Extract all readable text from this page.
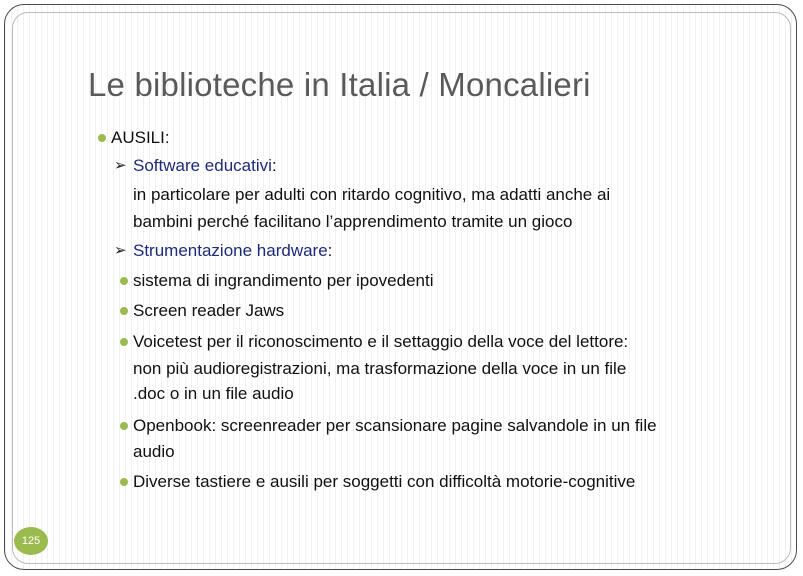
Le biblioteche in Italia / Moncalieri
AUSILI:
➢ Software educativi:
in particolare per adulti con ritardo cognitivo, ma adatti anche ai
bambini perché facilitano l’apprendimento tramite un gioco
➢ Strumentazione hardware:
sistema di ingrandimento per ipovedenti
Screen reader Jaws
Voicetest per il riconoscimento e il settaggio della voce del lettore:
non più audioregistrazioni, ma trasformazione della voce in un file
.doc o in un file audio
Openbook: screenreader per scansionare pagine salvandole in un file
audio
Diverse tastiere e ausili per soggetti con difficoltà motorie-cognitive
125
